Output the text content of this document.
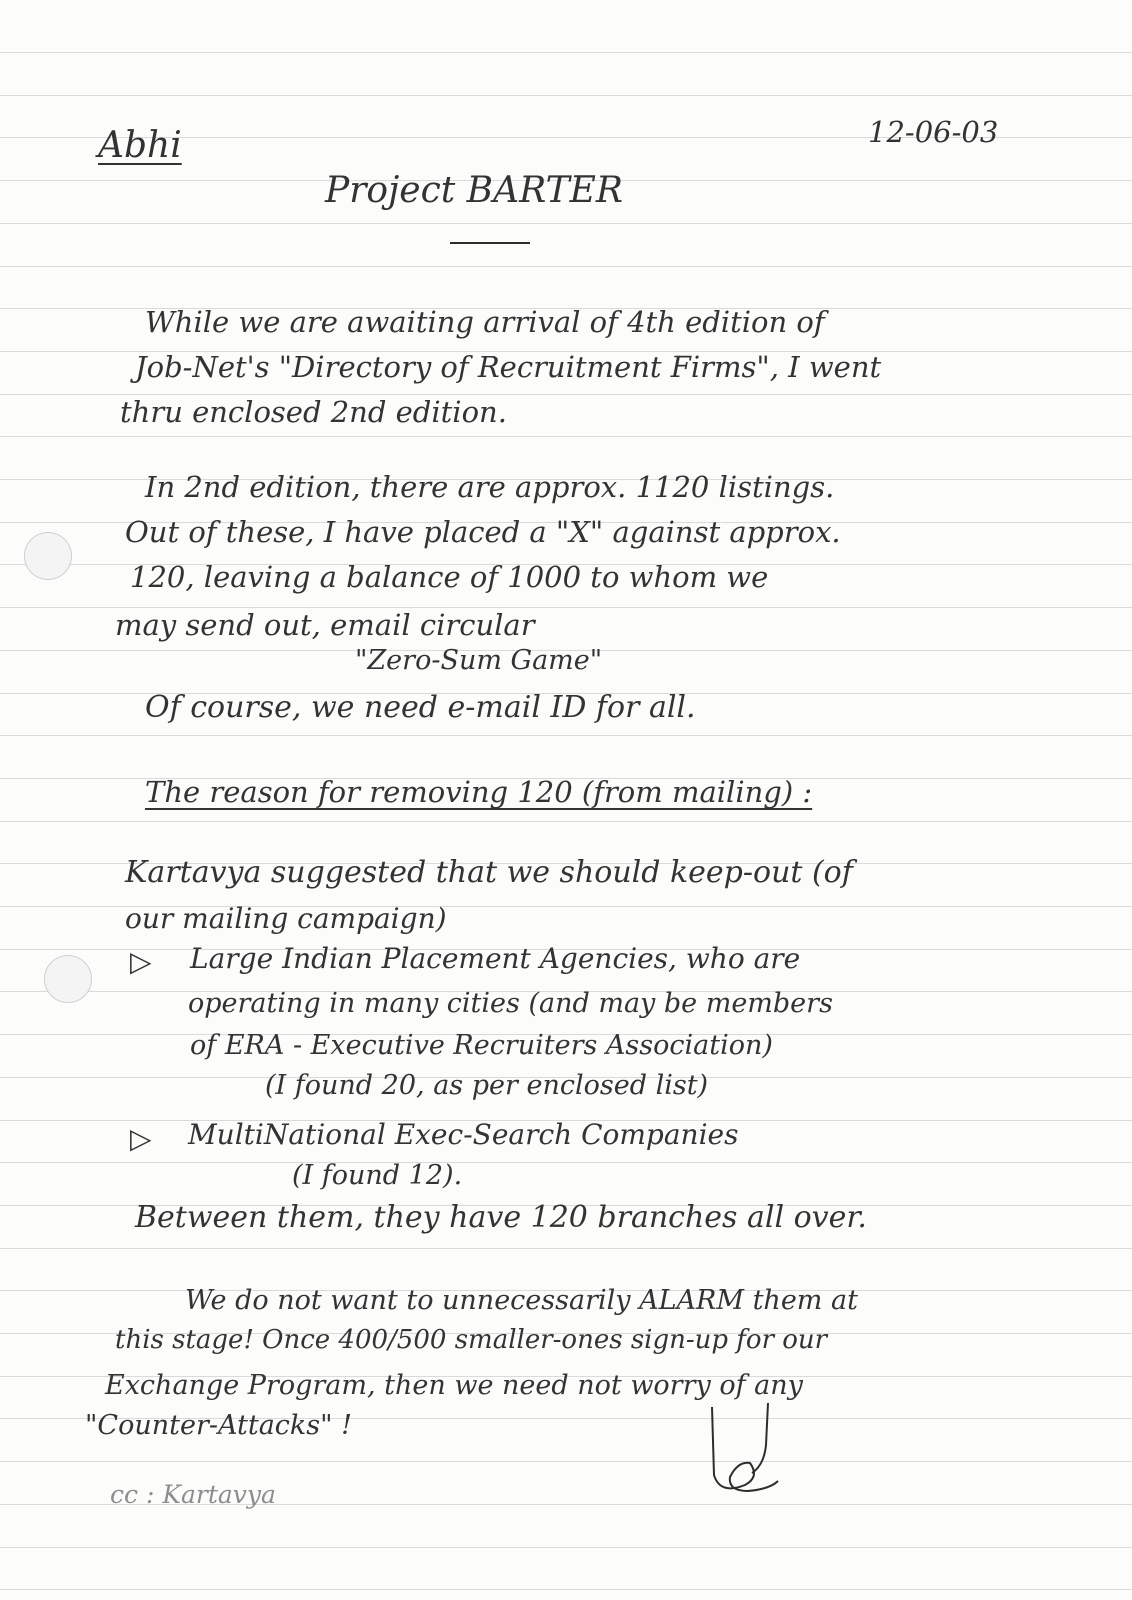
Abhi	12-06-03
Project BARTER
While we are awaiting arrival of 4th edition of
Job-Net's "Directory of Recruitment Firms", I went
thru enclosed 2nd edition.
In 2nd edition, there are approx. 1120 listings.
Out of these, I have placed a "X" against approx.
120, leaving a balance of 1000 to whom we
may send out, email circular
"Zero-Sum Game"
Of course, we need e-mail ID for all.
The reason for removing 120 (from mailing) :
Kartavya suggested that we should keep-out (of
our mailing campaign)
▷ Large Indian Placement Agencies, who are
operating in many cities (and may be members
of ERA - Executive Recruiters Association)
(I found 20, as per enclosed list)
▷ MultiNational Exec-Search Companies
(I found 12).
Between them, they have 120 branches all over.
We do not want to unnecessarily ALARM them at
this stage! Once 400/500 smaller-ones sign-up for our
Exchange Program, then we need not worry of any
"Counter-Attacks" !
cc : Kartavya
